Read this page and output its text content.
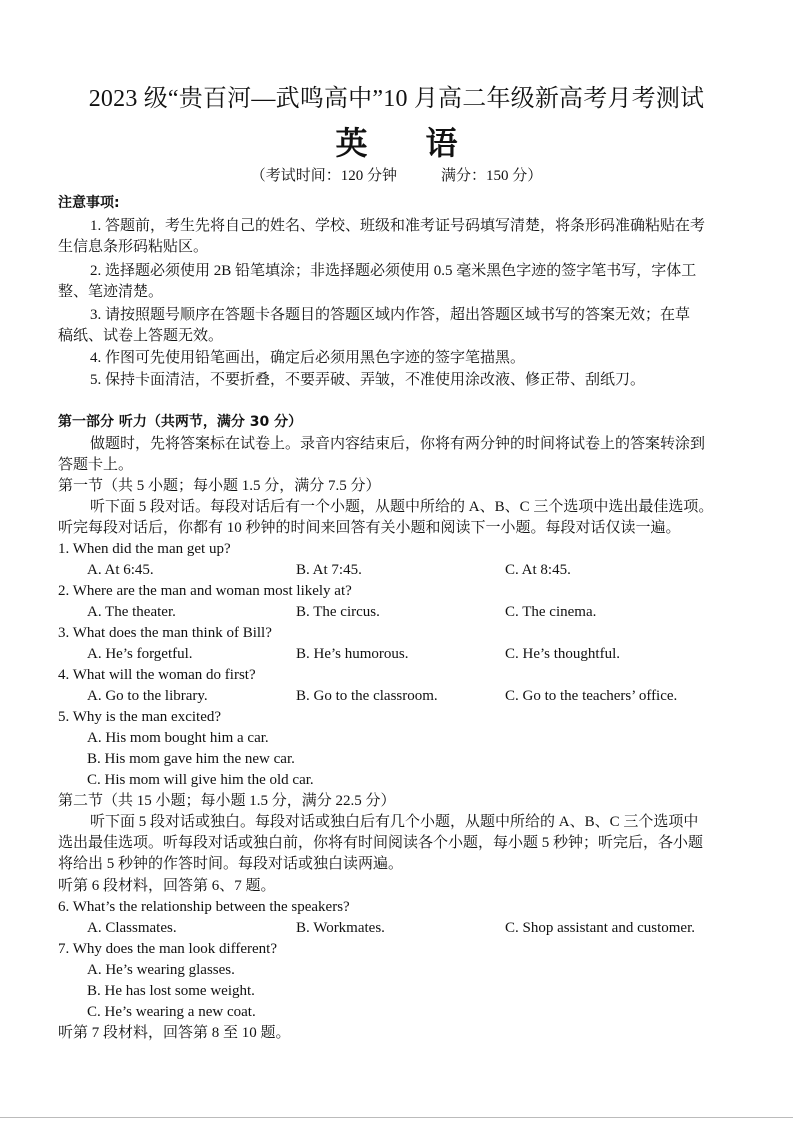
2023 级“贵百河—武鸣高中”10 月高二年级新高考月考测试
英 语
（考试时间：120 分钟	满分：150 分）
注意事项:
1. 答题前，考生先将自己的姓名、学校、班级和准考证号码填写清楚，将条形码准确粘贴在考
生信息条形码粘贴区。
2. 选择题必须使用 2B 铅笔填涂；非选择题必须使用 0.5 毫米黑色字迹的签字笔书写，字体工
整、笔迹清楚。
3. 请按照题号顺序在答题卡各题目的答题区域内作答，超出答题区域书写的答案无效；在草
稿纸、试卷上答题无效。
4. 作图可先使用铅笔画出，确定后必须用黑色字迹的签字笔描黑。
5. 保持卡面清洁，不要折叠，不要弄破、弄皱，不准使用涂改液、修正带、刮纸刀。
第一部分 听力（共两节，满分 30 分）
做题时，先将答案标在试卷上。录音内容结束后，你将有两分钟的时间将试卷上的答案转涂到
答题卡上。
第一节（共 5 小题；每小题 1.5 分，满分 7.5 分）
听下面 5 段对话。每段对话后有一个小题，从题中所给的 A、B、C 三个选项中选出最佳选项。
听完每段对话后，你都有 10 秒钟的时间来回答有关小题和阅读下一小题。每段对话仅读一遍。
1. When did the man get up?
A. At 6:45.	B. At 7:45.	C. At 8:45.
2. Where are the man and woman most likely at?
A. The theater.	B. The circus.	C. The cinema.
3. What does the man think of Bill?
A. He’s forgetful.	B. He’s humorous.	C. He’s thoughtful.
4. What will the woman do first?
A. Go to the library.	B. Go to the classroom.	C. Go to the teachers’ office.
5. Why is the man excited?
A. His mom bought him a car.
B. His mom gave him the new car.
C. His mom will give him the old car.
第二节（共 15 小题；每小题 1.5 分，满分 22.5 分）
听下面 5 段对话或独白。每段对话或独白后有几个小题，从题中所给的 A、B、C 三个选项中
选出最佳选项。听每段对话或独白前，你将有时间阅读各个小题，每小题 5 秒钟；听完后，各小题
将给出 5 秒钟的作答时间。每段对话或独白读两遍。
听第 6 段材料，回答第 6、7 题。
6. What’s the relationship between the speakers?
A. Classmates.	B. Workmates.	C. Shop assistant and customer.
7. Why does the man look different?
A. He’s wearing glasses.
B. He has lost some weight.
C. He’s wearing a new coat.
听第 7 段材料，回答第 8 至 10 题。
